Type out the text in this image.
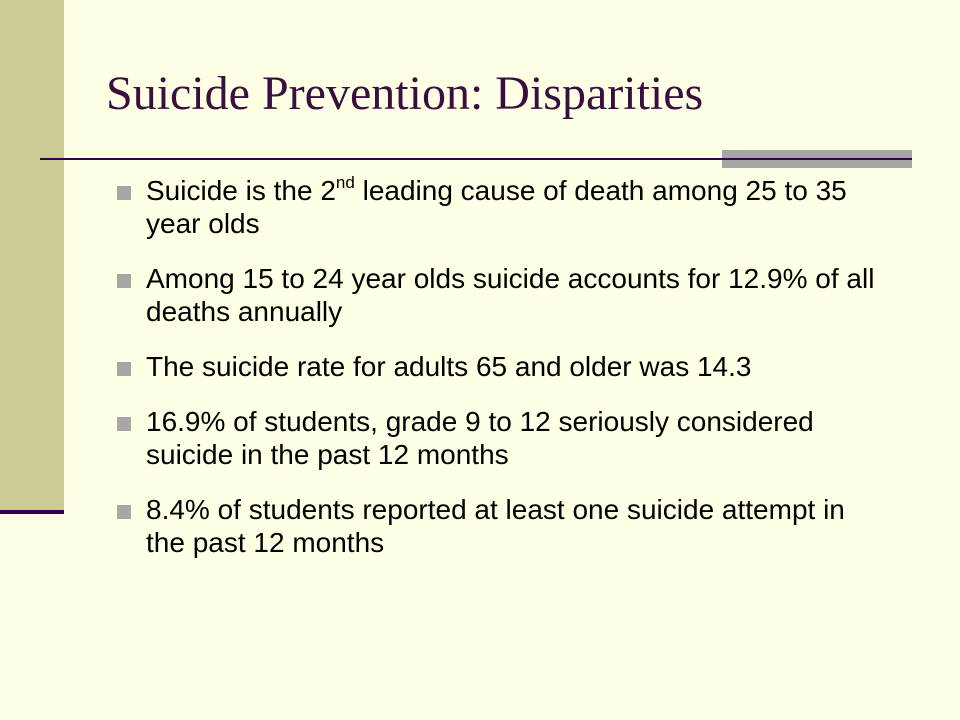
Suicide Prevention: Disparities
Suicide is the 2nd leading cause of death among 25 to 35 year olds
Among 15 to 24 year olds suicide accounts for 12.9% of all deaths annually
The suicide rate for adults 65 and older was 14.3
16.9% of students, grade 9 to 12 seriously considered suicide in the past 12 months
8.4% of students reported at least one suicide attempt in the past 12 months
